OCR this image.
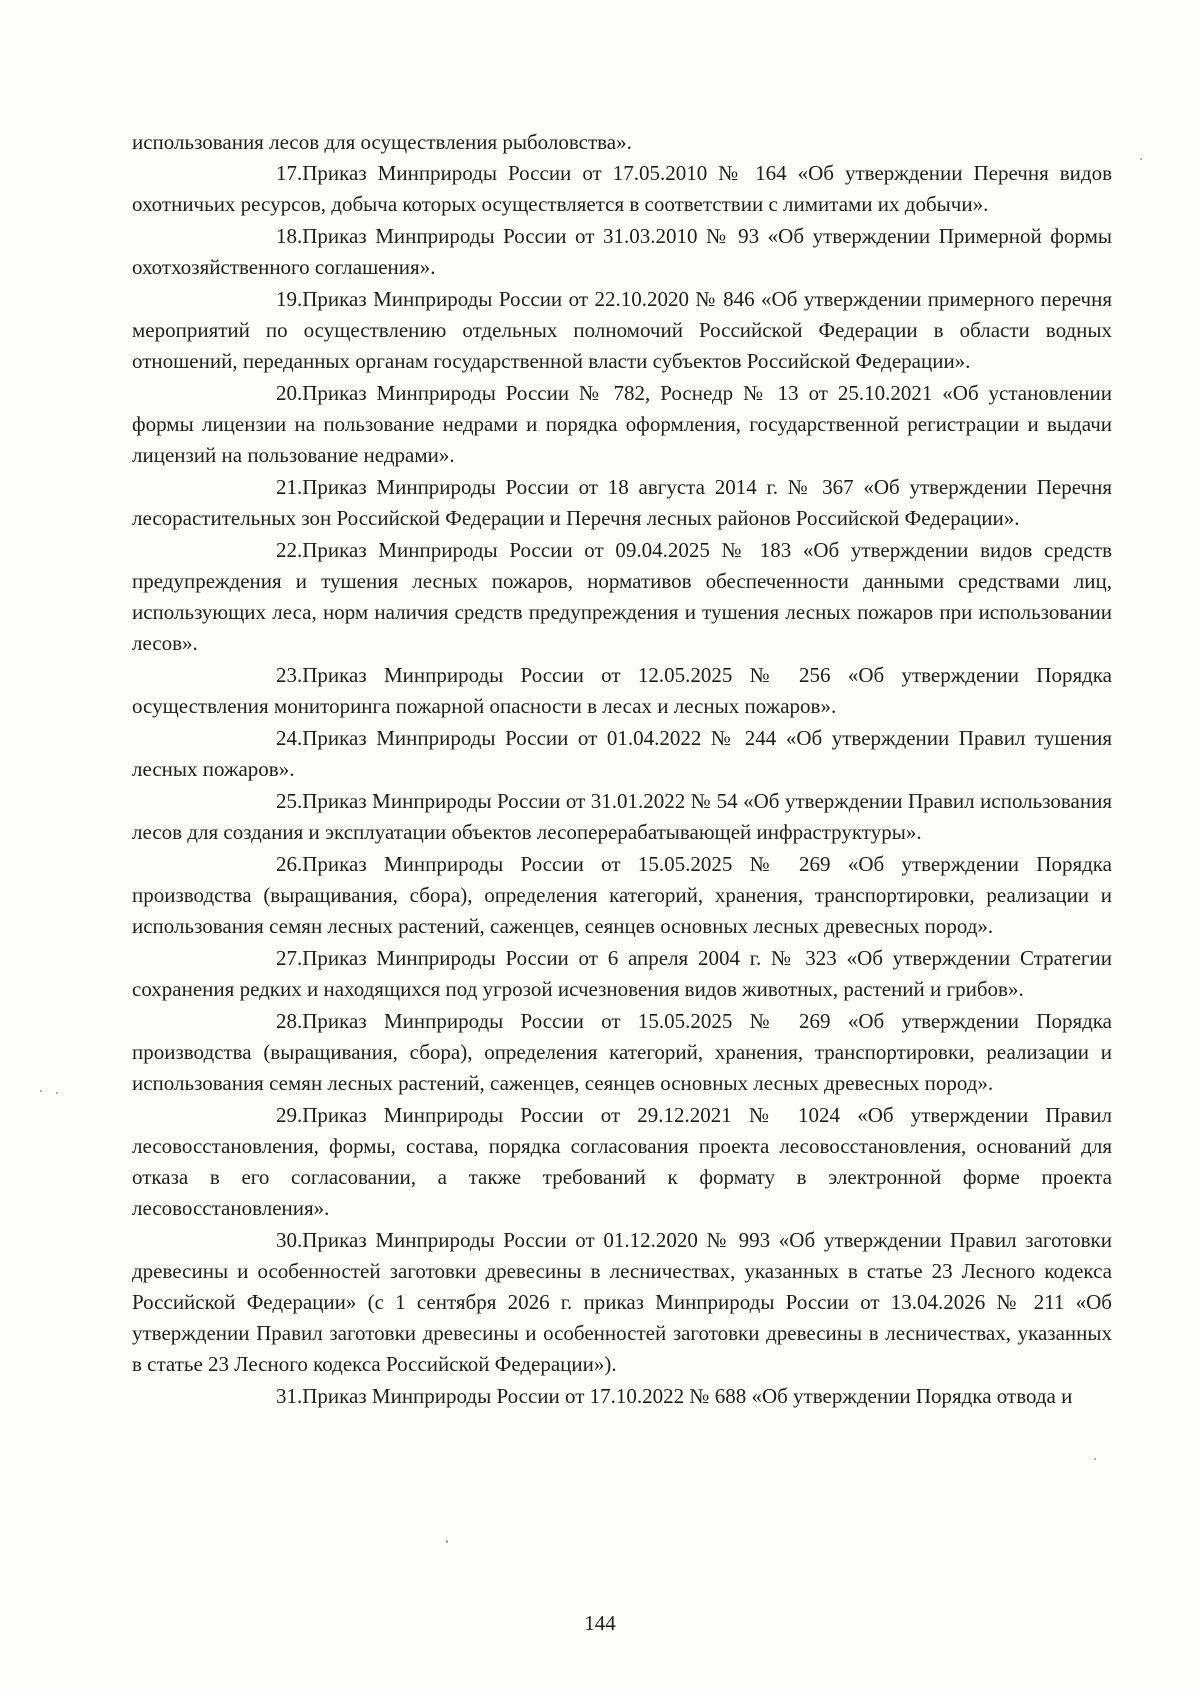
использования лесов для осуществления рыболовства».

17.Приказ Минприроды России от 17.05.2010 № 164 «Об утверждении Перечня видов охотничьих ресурсов, добыча которых осуществляется в соответствии с лимитами их добычи».

18.Приказ Минприроды России от 31.03.2010 № 93 «Об утверждении Примерной формы охотхозяйственного соглашения».

19.Приказ Минприроды России от 22.10.2020 № 846 «Об утверждении примерного перечня мероприятий по осуществлению отдельных полномочий Российской Федерации в области водных отношений, переданных органам государственной власти субъектов Российской Федерации».

20.Приказ Минприроды России № 782, Роснедр № 13 от 25.10.2021 «Об установлении формы лицензии на пользование недрами и порядка оформления, государственной регистрации и выдачи лицензий на пользование недрами».

21.Приказ Минприроды России от 18 августа 2014 г. № 367 «Об утверждении Перечня лесорастительных зон Российской Федерации и Перечня лесных районов Российской Федерации».

22.Приказ Минприроды России от 09.04.2025 № 183 «Об утверждении видов средств предупреждения и тушения лесных пожаров, нормативов обеспеченности данными средствами лиц, использующих леса, норм наличия средств предупреждения и тушения лесных пожаров при использовании лесов».

23.Приказ Минприроды России от 12.05.2025 № 256 «Об утверждении Порядка осуществления мониторинга пожарной опасности в лесах и лесных пожаров».

24.Приказ Минприроды России от 01.04.2022 № 244 «Об утверждении Правил тушения лесных пожаров».

25.Приказ Минприроды России от 31.01.2022 № 54 «Об утверждении Правил использования лесов для создания и эксплуатации объектов лесоперерабатывающей инфраструктуры».

26.Приказ Минприроды России от 15.05.2025 № 269 «Об утверждении Порядка производства (выращивания, сбора), определения категорий, хранения, транспортировки, реализации и использования семян лесных растений, саженцев, сеянцев основных лесных древесных пород».

27.Приказ Минприроды России от 6 апреля 2004 г. № 323 «Об утверждении Стратегии сохранения редких и находящихся под угрозой исчезновения видов животных, растений и грибов».

28.Приказ Минприроды России от 15.05.2025 № 269 «Об утверждении Порядка производства (выращивания, сбора), определения категорий, хранения, транспортировки, реализации и использования семян лесных растений, саженцев, сеянцев основных лесных древесных пород».

29.Приказ Минприроды России от 29.12.2021 № 1024 «Об утверждении Правил лесовосстановления, формы, состава, порядка согласования проекта лесовосстановления, оснований для отказа в его согласовании, а также требований к формату в электронной форме проекта лесовосстановления».

30.Приказ Минприроды России от 01.12.2020 № 993 «Об утверждении Правил заготовки древесины и особенностей заготовки древесины в лесничествах, указанных в статье 23 Лесного кодекса Российской Федерации» (с 1 сентября 2026 г. приказ Минприроды России от 13.04.2026 № 211 «Об утверждении Правил заготовки древесины и особенностей заготовки древесины в лесничествах, указанных в статье 23 Лесного кодекса Российской Федерации»).

31.Приказ Минприроды России от 17.10.2022 № 688 «Об утверждении Порядка отвода и

144
